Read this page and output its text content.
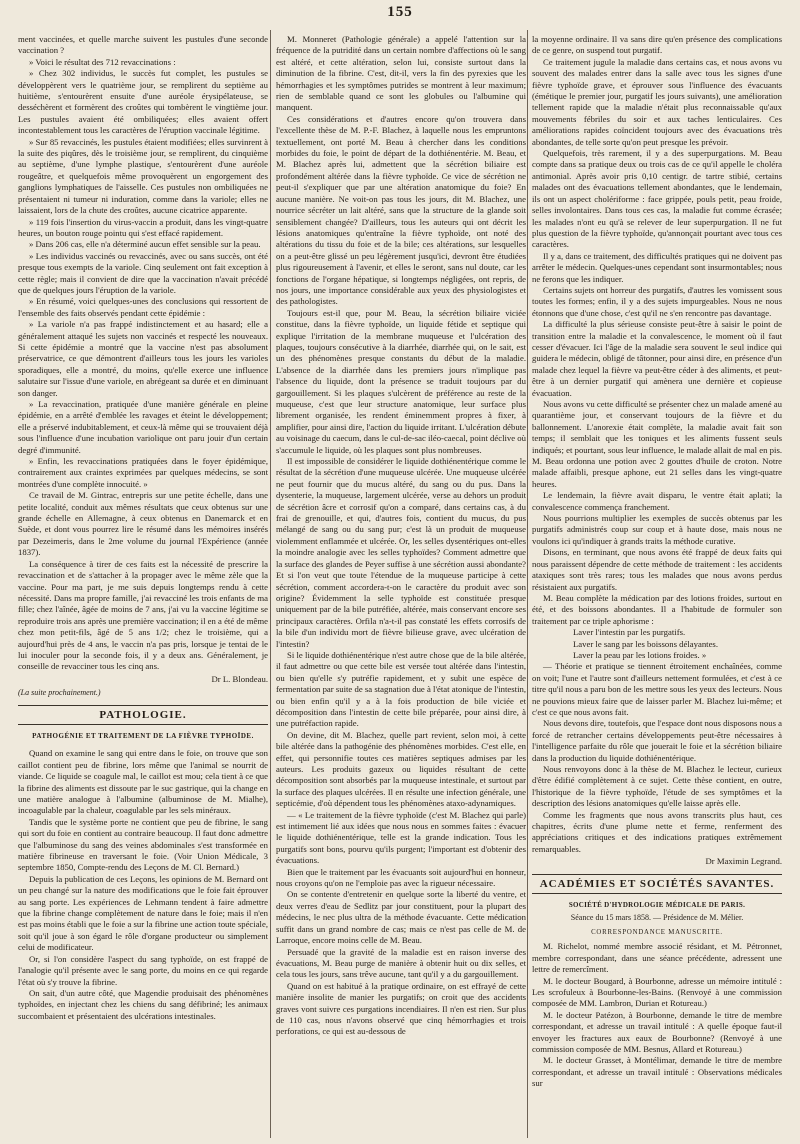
155

ment vaccinées, et quelle marche suivent les pustules d'une seconde vaccination ?

» Voici le résultat des 712 revaccinations :

» Chez 302 individus, le succès fut complet, les pustules se développèrent vers le quatrième jour, se remplirent du septième au huitième, s'entourèrent ensuite d'une auréole érysipélateuse, se desséchèrent et formèrent des croûtes qui tombèrent le vingtième jour. Les pustules avaient été ombiliquées; elles avaient offert incontestablement tous les caractères de l'éruption vaccinale légitime.

» Sur 85 revaccinés, les pustules étaient modifiées; elles survinrent à la suite des piqûres, dès le troisième jour, se remplirent, du cinquième au septième, d'une lymphe plastique, s'entourèrent d'une auréole rougeâtre, et quelquefois même provoquèrent un engorgement des ganglions lymphatiques de l'aisselle. Ces pustules non ombiliquées ne présentaient ni tumeur ni induration, comme dans la variole; elles ne laissaient, lors de la chute des croûtes, aucune cicatrice apparente.

» 119 fois l'insertion du virus-vaccin a produit, dans les vingt-quatre heures, un bouton rouge pointu qui s'est effacé rapidement.

» Dans 206 cas, elle n'a déterminé aucun effet sensible sur la peau.

» Les individus vaccinés ou revaccinés, avec ou sans succès, ont été presque tous exempts de la variole. Cinq seulement ont fait exception à cette règle; mais il convient de dire que la vaccination n'avait précédé que de quelques jours l'éruption de la variole.

» En résumé, voici quelques-unes des conclusions qui ressortent de l'ensemble des faits observés pendant cette épidémie :

» La variole n'a pas frappé indistinctement et au hasard; elle a généralement attaqué les sujets non vaccinés et respecté les nouveaux. Si cette épidémie a montré que la vaccine n'est pas absolument préservatrice, ce que démontrent d'ailleurs tous les jours les varioles sporadiques, elle a montré, du moins, qu'elle exerce une influence salutaire sur l'issue d'une variole, en abrégeant sa durée et en diminuant son danger.

» La revaccination, pratiquée d'une manière générale en pleine épidémie, en a arrêté d'emblée les ravages et éteint le développement; elle a préservé indubitablement, et ceux-là même qui se trouvaient déjà sous l'influence d'une incubation variolique ont paru jouir d'un certain degré d'immunité.

» Enfin, les revaccinations pratiquées dans le foyer épidémique, contrairement aux craintes exprimées par quelques médecins, se sont montrées d'une complète innocuité. »

Ce travail de M. Gintrac, entrepris sur une petite échelle, dans une petite localité, conduit aux mêmes résultats que ceux obtenus sur une grande échelle en Allemagne, à ceux obtenus en Danemarck et en Suède, et dont vous pourrez lire le résumé dans les mémoires insérés par Dezeimeris, dans le 2me volume du journal l'Expérience (année 1837).

La conséquence à tirer de ces faits est la nécessité de prescrire la revaccination et de s'attacher à la propager avec le même zèle que la vaccine. Pour ma part, je me suis depuis longtemps rendu à cette nécessité. Dans ma propre famille, j'ai revacciné les trois enfants de ma fille; chez l'aînée, âgée de moins de 7 ans, j'ai vu la vaccine légitime se reproduire trois ans après une première vaccination; il en a été de même chez mon petit-fils, âgé de 5 ans 1/2; chez le troisième, qui a aujourd'hui près de 4 ans, le vaccin n'a pas pris, lorsque je tentai de le lui inoculer pour la seconde fois, il y a deux ans. Généralement, je conseille de revacciner tous les cinq ans.

Dr L. Blondeau.
(La suite prochainement.)
PATHOLOGIE.
PATHOGÉNIE ET TRAITEMENT DE LA FIÈVRE TYPHOÏDE.

Quand on examine le sang qui entre dans le foie, on trouve que son caillot contient peu de fibrine, lors même que l'animal se nourrit de viande. Ce liquide se coagule mal, le caillot est mou; cela tient à ce que la fibrine des aliments est dissoute par le suc gastrique, qui la change en une matière analogue à l'albumine (albuminose de M. Mialhe), incoagulable par la chaleur, coagulable par les sels minéraux.

Tandis que le système porte ne contient que peu de fibrine, le sang qui sort du foie en contient au contraire beaucoup. Il faut donc admettre que l'albuminose du sang des veines abdominales s'est transformée en matière fibrineuse en traversant le foie. (Voir Union Médicale, 3 septembre 1850, Compte-rendu des Leçons de M. Cl. Bernard.)

Depuis la publication de ces Leçons, les opinions de M. Bernard ont un peu changé sur la nature des modifications que le foie fait éprouver au sang porte. Les expériences de Lehmann tendent à faire admettre que la fibrine change complètement de nature dans le foie; mais il n'en est pas moins établi que le foie a sur la fibrine une action toute spéciale, soit qu'il joue à son égard le rôle d'organe producteur ou simplement celui de modificateur.

Or, si l'on considère l'aspect du sang typhoïde, on est frappé de l'analogie qu'il présente avec le sang porte, du moins en ce qui regarde l'état où s'y trouve la fibrine.

On sait, d'un autre côté, que Magendie produisait des phénomènes typhoïdes, en injectant chez les chiens du sang défibriné; les animaux succombaient et présentaient des ulcérations intestinales.

M. Monneret (Pathologie générale) a appelé l'attention sur la fréquence de la putridité dans un certain nombre d'affections où le sang est altéré, et cette altération, selon lui, consiste surtout dans la diminution de la fibrine. C'est, dit-il, vers la fin des pyrexies que les hémorrhagies et les symptômes putrides se montrent à leur maximum; rien de semblable quand ce sont les globules ou l'albumine qui manquent.

Ces considérations et d'autres encore qu'on trouvera dans l'excellente thèse de M. P.-F. Blachez, à laquelle nous les empruntons textuellement, ont porté M. Beau à chercher dans les conditions morbides du foie, le point de départ de la dothiénentérie. M. Beau, et M. Blachez après lui, admettent que la sécrétion biliaire est profondément altérée dans la fièvre typhoïde. Ce vice de sécrétion ne peut-il s'expliquer que par une altération anatomique du foie? En aucune manière. Ne voit-on pas tous les jours, dit M. Blachez, une nourrice sécréter un lait altéré, sans que la structure de la glande soit sensiblement changée? D'ailleurs, tous les auteurs qui ont décrit les lésions anatomiques qu'entraîne la fièvre typhoïde, ont noté des altérations du tissu du foie et de la bile; ces altérations, sur lesquelles on a peut-être glissé un peu légèrement jusqu'ici, devront être étudiées plus rigoureusement à l'avenir, et elles le seront, sans nul doute, car les fonctions de l'organe hépatique, si longtemps négligées, ont repris, de nos jours, une importance considérable aux yeux des physiologistes et des pathologistes.

Toujours est-il que, pour M. Beau, la sécrétion biliaire viciée constitue, dans la fièvre typhoïde, un liquide fétide et septique qui explique l'irritation de la membrane muqueuse et l'ulcération des plaques, toujours consécutive à la diarrhée, diarrhée qui, on le sait, est un des phénomènes presque constants du début de la maladie. L'absence de la diarrhée dans les premiers jours n'implique pas l'absence du liquide, dont la présence se traduit toujours par du gargouillement. Si les plaques s'ulcèrent de préférence au reste de la muqueuse, c'est que leur structure anatomique, leur surface plus librement organisée, les rendent éminemment propres à fixer, à amplifier, pour ainsi dire, l'action du liquide irritant. L'ulcération débute au voisinage du caecum, dans le cul-de-sac iléo-caecal, point déclive où s'accumule le liquide, où les plaques sont plus nombreuses.

Il est impossible de considérer le liquide dothiénentérique comme le résultat de la sécrétion d'une muqueuse ulcérée. Une muqueuse ulcérée ne peut fournir que du mucus altéré, du sang ou du pus. Dans la dysenterie, la muqueuse, largement ulcérée, verse au dehors un produit de sécrétion âcre et corrosif qu'on a comparé, dans certains cas, à du frai de grenouille, et qui, d'autres fois, contient du mucus, du pus mélangé de sang ou du sang pur; c'est là un produit de muqueuse violemment enflammée et ulcérée. Or, les selles dysentériques ont-elles la moindre analogie avec les selles typhoïdes? Comment admettre que la surface des glandes de Peyer suffise à une sécrétion aussi abondante? Et si l'on veut que toute l'étendue de la muqueuse participe à cette sécrétion, comment accordera-t-on le caractère du produit avec son origine? Évidemment la selle typhoïde est constituée presque uniquement par de la bile putréfiée, altérée, mais conservant encore ses principaux caractères. Orfila n'a-t-il pas constaté les effets corrosifs de la bile d'un individu mort de fièvre bilieuse grave, avec ulcération de l'intestin?

Si le liquide dothiénentérique n'est autre chose que de la bile altérée, il faut admettre ou que cette bile est versée tout altérée dans l'intestin, ou bien qu'elle s'y putréfie rapidement, et y subit une espèce de fermentation par suite de sa stagnation due à l'état atonique de l'intestin, ou bien enfin qu'il y a à la fois production de bile viciée et décomposition dans l'intestin de cette bile préparée, pour ainsi dire, à une putréfaction rapide.

On devine, dit M. Blachez, quelle part revient, selon moi, à cette bile altérée dans la pathogénie des phénomènes morbides. C'est elle, en effet, qui personnifie toutes ces matières septiques admises par les auteurs. Les produits gazeux ou liquides résultant de cette décomposition sont absorbés par la muqueuse intestinale, et surtout par la surface des plaques ulcérées. Il en résulte une infection générale, une septicémie, d'où dépendent tous les phénomènes ataxo-adynamiques.

— « Le traitement de la fièvre typhoïde (c'est M. Blachez qui parle) est intimement lié aux idées que nous nous en sommes faites : évacuer le liquide dothiénentérique, telle est la grande indication. Tous les purgatifs sont bons, pourvu qu'ils purgent; l'important est d'obtenir des évacuations.

Bien que le traitement par les évacuants soit aujourd'hui en honneur, nous croyons qu'on ne l'emploie pas avec la rigueur nécessaire.

On se contente d'entretenir en quelque sorte la liberté du ventre, et deux verres d'eau de Sedlitz par jour constituent, pour la plupart des médecins, le nec plus ultra de la méthode évacuante. Cette médication suffit dans un grand nombre de cas; mais ce n'est pas celle de M. de Larroque, encore moins celle de M. Beau.

Persuadé que la gravité de la maladie est en raison inverse des évacuations, M. Beau purge de manière à obtenir huit ou dix selles, et cela tous les jours, sans trêve aucune, tant qu'il y a du gargouillement.

Quand on est habitué à la pratique ordinaire, on est effrayé de cette manière insolite de manier les purgatifs; on croit que des accidents graves vont suivre ces purgations incendiaires. Il n'en est rien. Sur plus de 110 cas, nous n'avons observé que cinq hémorrhagies et trois perforations, ce qui est au-dessous de

la moyenne ordinaire. Il va sans dire qu'en présence des complications de ce genre, on suspend tout purgatif.

Ce traitement jugule la maladie dans certains cas, et nous avons vu souvent des malades entrer dans la salle avec tous les signes d'une fièvre typhoïde grave, et éprouver sous l'influence des évacuants (émétique le premier jour, purgatif les jours suivants), une amélioration tellement rapide que la maladie n'était plus reconnaissable qu'aux mouvements fébriles du soir et aux taches lenticulaires. Ces améliorations rapides coïncident toujours avec des évacuations très abondantes, de telle sorte qu'on peut presque les prévoir.

Quelquefois, très rarement, il y a des superpurgations. M. Beau compte dans sa pratique deux ou trois cas de ce qu'il appelle le choléra antimonial. Après avoir pris 0,10 centigr. de tartre stibié, certains malades ont des évacuations tellement abondantes, que le lendemain, ils ont un aspect cholériforme : face grippée, pouls petit, peau froide, selles involontaires. Dans tous ces cas, la maladie fut comme écrasée; les malades n'ont eu qu'à se relever de leur superpurgation. Il ne fut plus question de la fièvre typhoïde, qu'annonçait pourtant avec tous ces caractères.

Il y a, dans ce traitement, des difficultés pratiques qui ne doivent pas arrêter le médecin. Quelques-unes cependant sont insurmontables; nous ne ferons que les indiquer.

Certains sujets ont horreur des purgatifs, d'autres les vomissent sous toutes les formes; enfin, il y a des sujets impurgeables. Nous ne nous étonnons que d'une chose, c'est qu'il ne s'en rencontre pas davantage.

La difficulté la plus sérieuse consiste peut-être à saisir le point de transition entre la maladie et la convalescence, le moment où il faut cesser d'évacuer. Ici l'âge de la maladie sera souvent le seul indice qui guidera le médecin, obligé de tâtonner, pour ainsi dire, en présence d'un malade chez lequel la fièvre va peut-être céder à des aliments, et peut-être à un dernier purgatif qui amènera une dernière et copieuse évacuation.

Nous avons vu cette difficulté se présenter chez un malade amené au quarantième jour, et conservant toujours de la fièvre et du ballonnement. L'anorexie était complète, la maladie avait fait son temps; il semblait que les toniques et les aliments fussent seuls indiqués; et pourtant, sous leur influence, le malade allait de mal en pis. M. Beau ordonna une potion avec 2 gouttes d'huile de croton. Notre malade affaibli, presque aphone, eut 21 selles dans les vingt-quatre heures.

Le lendemain, la fièvre avait disparu, le ventre était aplati; la convalescence commença franchement.

Nous pourrions multiplier les exemples de succès obtenus par les purgatifs administrés coup sur coup et à haute dose, mais nous ne voulons ici qu'indiquer à grands traits la méthode curative.

Disons, en terminant, que nous avons été frappé de deux faits qui nous paraissent dépendre de cette méthode de traitement : les accidents ataxiques sont très rares; tous les malades que nous avons perdus résistaient aux purgatifs.

M. Beau complète la médication par des lotions froides, surtout en été, et des boissons abondantes. Il a l'habitude de formuler son traitement par ce triple aphorisme :

Laver l'intestin par les purgatifs.

Laver le sang par les boissons délayantes.

Laver la peau par les lotions froides. »

— Théorie et pratique se tiennent étroitement enchaînées, comme on voit; l'une et l'autre sont d'ailleurs nettement formulées, et c'est à ce titre qu'il nous a paru bon de les mettre sous les yeux des lecteurs. Nous ne pouvions mieux faire que de laisser parler M. Blachez lui-même; et c'est ce que nous avons fait.

Nous devons dire, toutefois, que l'espace dont nous disposons nous a forcé de retrancher certains développements peut-être nécessaires à l'intelligence parfaite du rôle que jouerait le foie et la sécrétion biliaire dans la production du liquide dothiénentérique.

Nous renvoyons donc à la thèse de M. Blachez le lecteur, curieux d'être édifié complètement à ce sujet. Cette thèse contient, en outre, l'historique de la fièvre typhoïde, l'étude de ses symptômes et la description des lésions anatomiques qu'elle laisse après elle.

Comme les fragments que nous avons transcrits plus haut, ces chapitres, écrits d'une plume nette et ferme, renferment des appréciations critiques et des indications pratiques extrêmement remarquables.

Dr Maximin Legrand.
ACADÉMIES ET SOCIÉTÉS SAVANTES.
SOCIÉTÉ D'HYDROLOGIE MÉDICALE DE PARIS.
Séance du 15 mars 1858. — Présidence de M. Mélier.
CORRESPONDANCE MANUSCRITE.

M. Richelot, nommé membre associé résidant, et M. Pétronnet, membre correspondant, dans une séance précédente, adressent une lettre de remercîment.

M. le docteur Bougard, à Bourbonne, adresse un mémoire intitulé : Les scrofuleux à Bourbonne-les-Bains. (Renvoyé à une commission composée de MM. Lambron, Durian et Rotureau.)

M. le docteur Patézon, à Bourbonne, demande le titre de membre correspondant, et adresse un travail intitulé : A quelle époque faut-il envoyer les fractures aux eaux de Bourbonne? (Renvoyé à une commission composée de MM. Besnus, Allard et Rotureau.)

M. le docteur Grasset, à Montélimar, demande le titre de membre correspondant, et adresse un travail intitulé : Observations médicales sur
